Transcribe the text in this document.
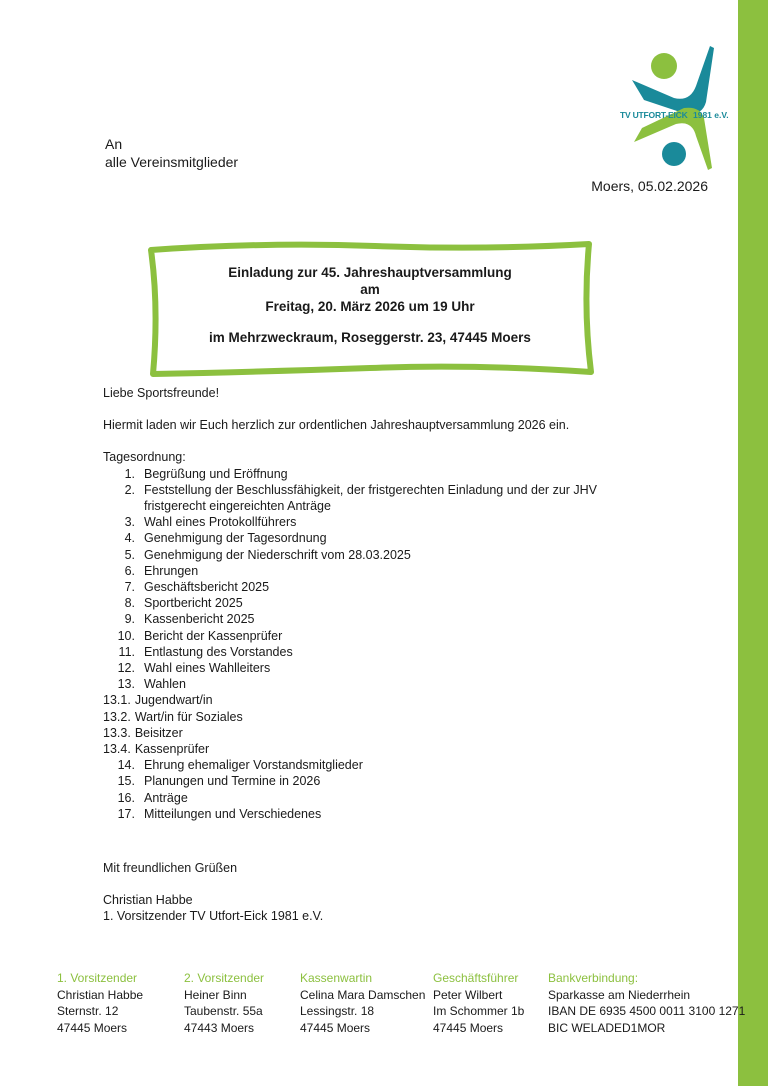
TV UTFORT-EICK 1981 e.V.
An
alle Vereinsmitglieder
Moers, 05.02.2026
Einladung zur 45. Jahreshauptversammlung
am
Freitag, 20. März 2026 um 19 Uhr
im Mehrzweckraum, Roseggerstr. 23, 47445 Moers

Liebe Sportsfreunde!

Hiermit laden wir Euch herzlich zur ordentlichen Jahreshauptversammlung 2026 ein.

Tagesordnung:
1. Begrüßung und Eröffnung
2. Feststellung der Beschlussfähigkeit, der fristgerechten Einladung und der zur JHV fristgerecht eingereichten Anträge
3. Wahl eines Protokollführers
4. Genehmigung der Tagesordnung
5. Genehmigung der Niederschrift vom 28.03.2025
6. Ehrungen
7. Geschäftsbericht 2025
8. Sportbericht 2025
9. Kassenbericht 2025
10. Bericht der Kassenprüfer
11. Entlastung des Vorstandes
12. Wahl eines Wahlleiters
13. Wahlen
13.1. Jugendwart/in
13.2. Wart/in für Soziales
13.3. Beisitzer
13.4. Kassenprüfer
14. Ehrung ehemaliger Vorstandsmitglieder
15. Planungen und Termine in 2026
16. Anträge
17. Mitteilungen und Verschiedenes
Mit freundlichen Grüßen
Christian Habbe
1. Vorsitzender TV Utfort-Eick 1981 e.V.
1. Vorsitzender
Christian Habbe
Sternstr. 12
47445 Moers
2. Vorsitzender
Heiner Binn
Taubenstr. 55a
47443 Moers
Kassenwartin
Celina Mara Damschen
Lessingstr. 18
47445 Moers
Geschäftsführer
Peter Wilbert
Im Schommer 1b
47445 Moers
Bankverbindung:
Sparkasse am Niederrhein
IBAN DE 6935 4500 0011 3100 1271
BIC WELADED1MOR
